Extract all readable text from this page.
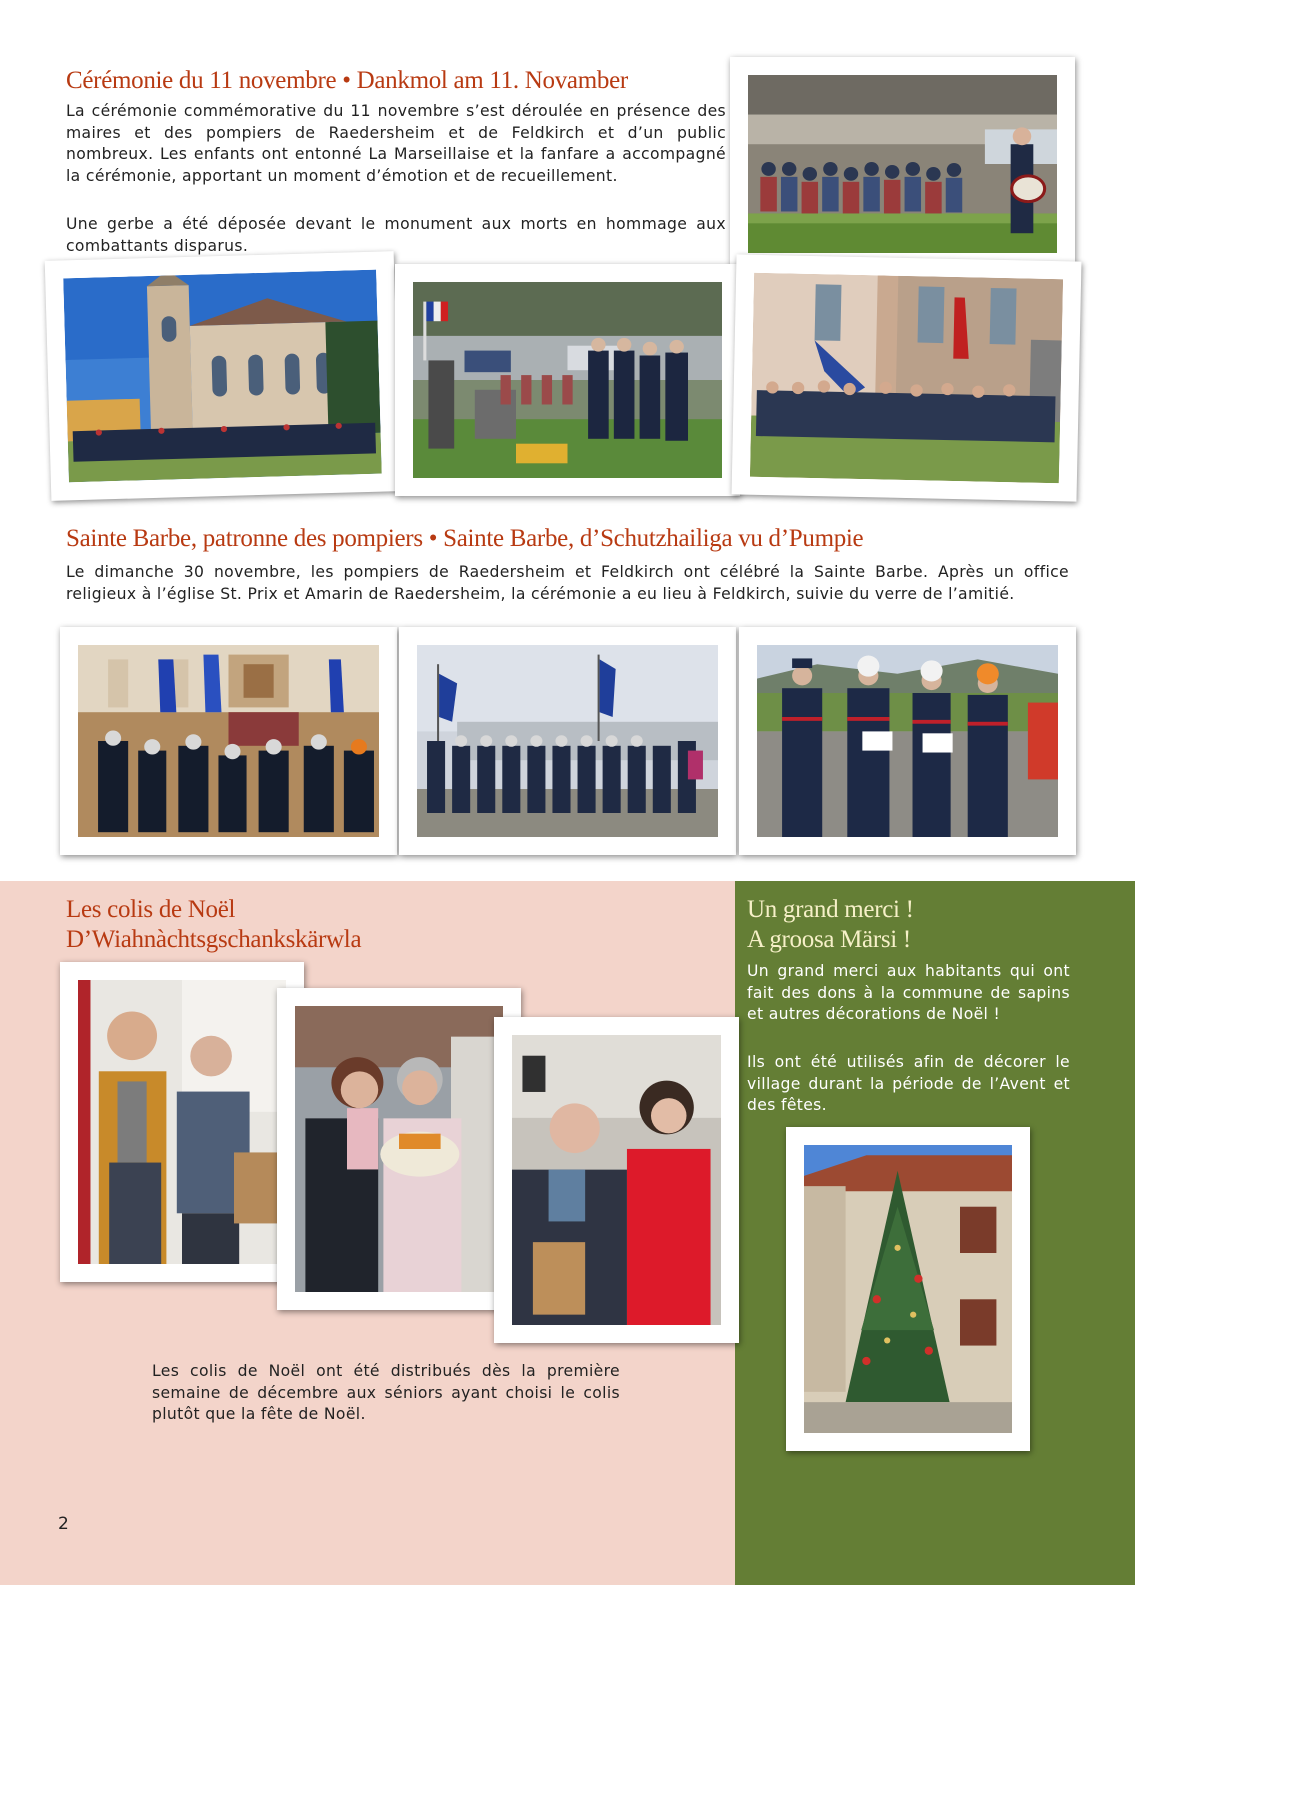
Cérémonie du 11 novembre • Dankmol am 11. Novamber

La cérémonie commémorative du 11 novembre s’est déroulée en présence des maires et des pompiers de Raedersheim et de Feldkirch et d’un public nombreux. Les enfants ont entonné La Marseillaise et la fanfare a accompagné la cérémonie, apportant un moment d’émotion et de recueillement.

Une gerbe a été déposée devant le monument aux morts en hommage aux combattants disparus.

Sainte Barbe, patronne des pompiers • Sainte Barbe, d’Schutzhailiga vu d’Pumpie

Le dimanche 30 novembre, les pompiers de Raedersheim et Feldkirch ont célébré la Sainte Barbe. Après un office religieux à l’église St. Prix et Amarin de Raedersheim, la cérémonie a eu lieu à Feldkirch, suivie du verre de l’amitié.

Les colis de Noël
D’Wiahnàchtsgschankskärwla

Les colis de Noël ont été distribués dès la première semaine de décembre aux séniors ayant choisi le colis plutôt que la fête de Noël.

Un grand merci !
A groosa Märsi !

Un grand merci aux habitants qui ont fait des dons à la commune de sapins et autres décorations de Noël !

Ils ont été utilisés afin de décorer le village durant la période de l’Avent et des fêtes.

2
